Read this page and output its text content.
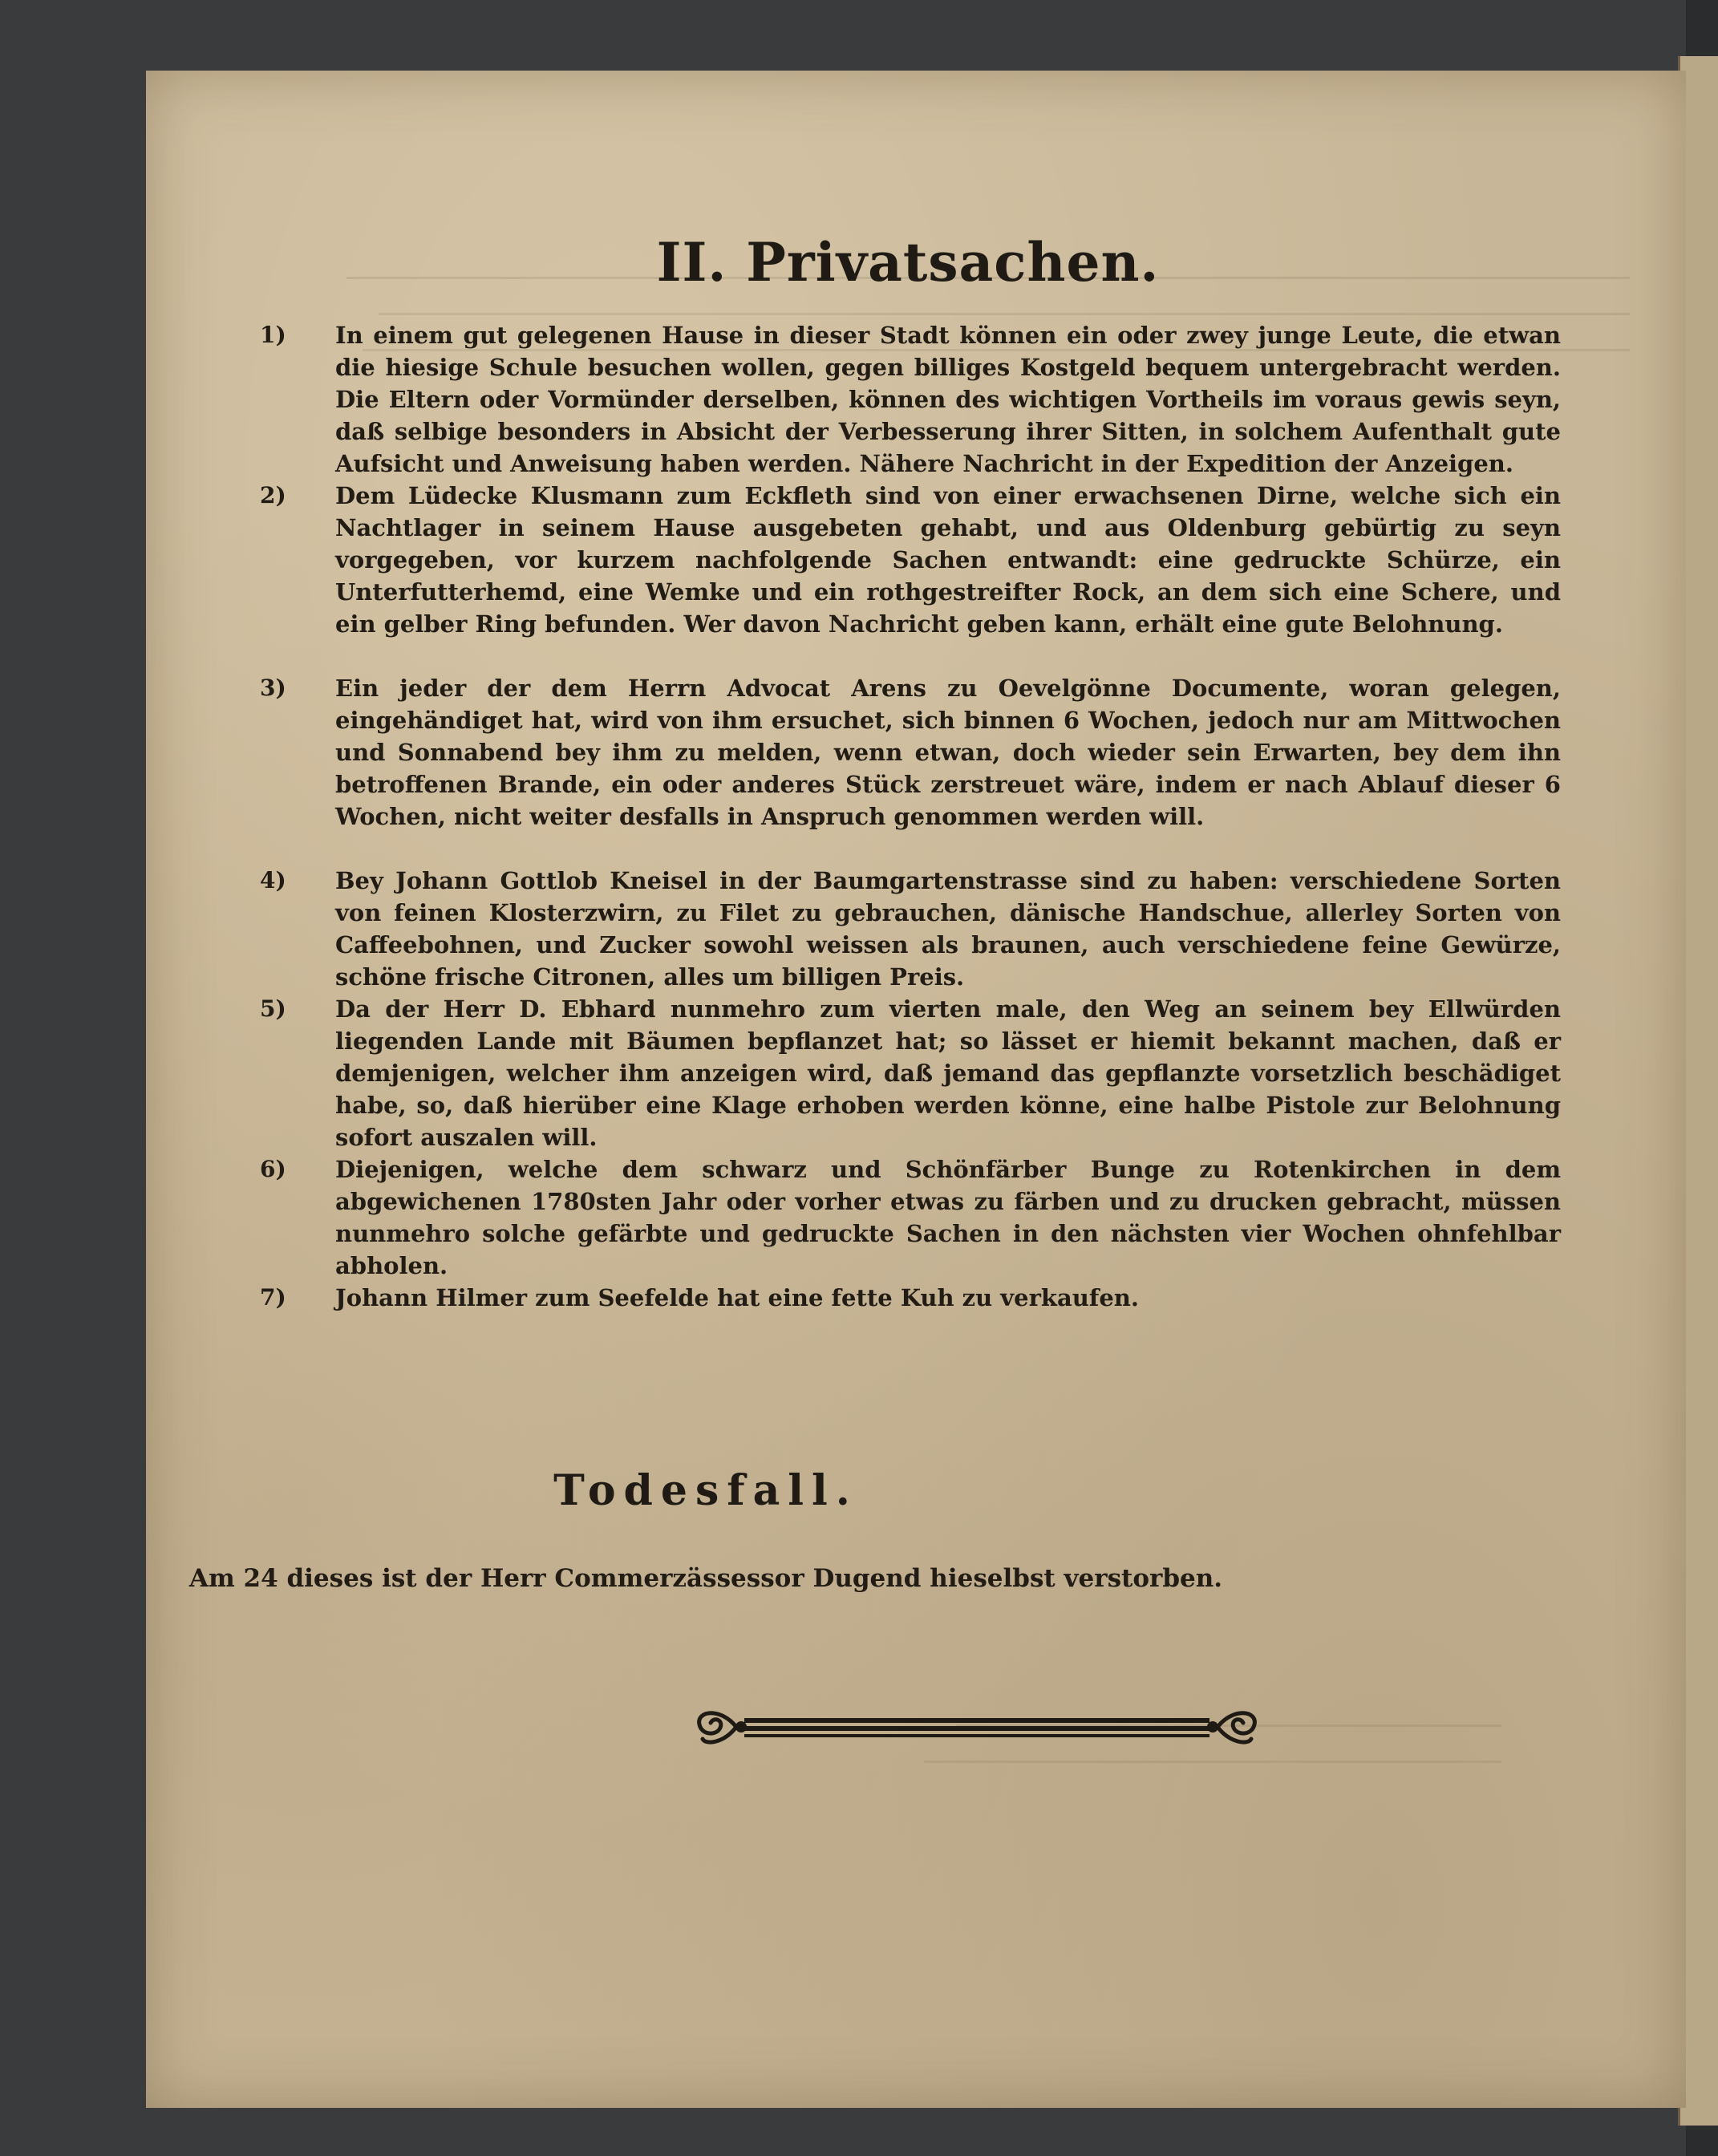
II. Privatsachen.
1)	In einem gut gelegenen Hause in dieser Stadt können ein oder zwey junge Leute, die etwan die hiesige Schule besuchen wollen, gegen billiges Kostgeld bequem untergebracht werden. Die Eltern oder Vormünder derselben, können des wichtigen Vortheils im voraus gewis seyn, daß selbige besonders in Absicht der Verbesserung ihrer Sitten, in solchem Aufenthalt gute Aufsicht und Anweisung haben werden. Nähere Nachricht in der Expedition der Anzeigen.
2)	Dem Lüdecke Klusmann zum Eckfleth sind von einer erwachsenen Dirne, welche sich ein Nachtlager in seinem Hause ausgebeten gehabt, und aus Oldenburg gebürtig zu seyn vorgegeben, vor kurzem nachfolgende Sachen entwandt: eine gedruckte Schürze, ein Unterfutterhemd, eine Wemke und ein rothgestreifter Rock, an dem sich eine Schere, und ein gelber Ring befunden. Wer davon Nachricht geben kann, erhält eine gute Belohnung.
3)	Ein jeder der dem Herrn Advocat Arens zu Oevelgönne Documente, woran gelegen, eingehändiget hat, wird von ihm ersuchet, sich binnen 6 Wochen, jedoch nur am Mittwochen und Sonnabend bey ihm zu melden, wenn etwan, doch wieder sein Erwarten, bey dem ihn betroffenen Brande, ein oder anderes Stück zerstreuet wäre, indem er nach Ablauf dieser 6 Wochen, nicht weiter desfalls in Anspruch genommen werden will.
4)	Bey Johann Gottlob Kneisel in der Baumgartenstrasse sind zu haben: verschiedene Sorten von feinen Klosterzwirn, zu Filet zu gebrauchen, dänische Handschue, allerley Sorten von Caffeebohnen, und Zucker sowohl weissen als braunen, auch verschiedene feine Gewürze, schöne frische Citronen, alles um billigen Preis.
5)	Da der Herr D. Ebhard nunmehro zum vierten male, den Weg an seinem bey Ellwürden liegenden Lande mit Bäumen bepflanzet hat; so lässet er hiemit bekannt machen, daß er demjenigen, welcher ihm anzeigen wird, daß jemand das gepflanzte vorsetzlich beschädiget habe, so, daß hierüber eine Klage erhoben werden könne, eine halbe Pistole zur Belohnung sofort auszalen will.
6)	Diejenigen, welche dem schwarz und Schönfärber Bunge zu Rotenkirchen in dem abgewichenen 1780sten Jahr oder vorher etwas zu färben und zu drucken gebracht, müssen nunmehro solche gefärbte und gedruckte Sachen in den nächsten vier Wochen ohnfehlbar abholen.
7)	Johann Hilmer zum Seefelde hat eine fette Kuh zu verkaufen.
Todesfall.
Am 24 dieses ist der Herr Commerzässessor Dugend hieselbst verstorben.
